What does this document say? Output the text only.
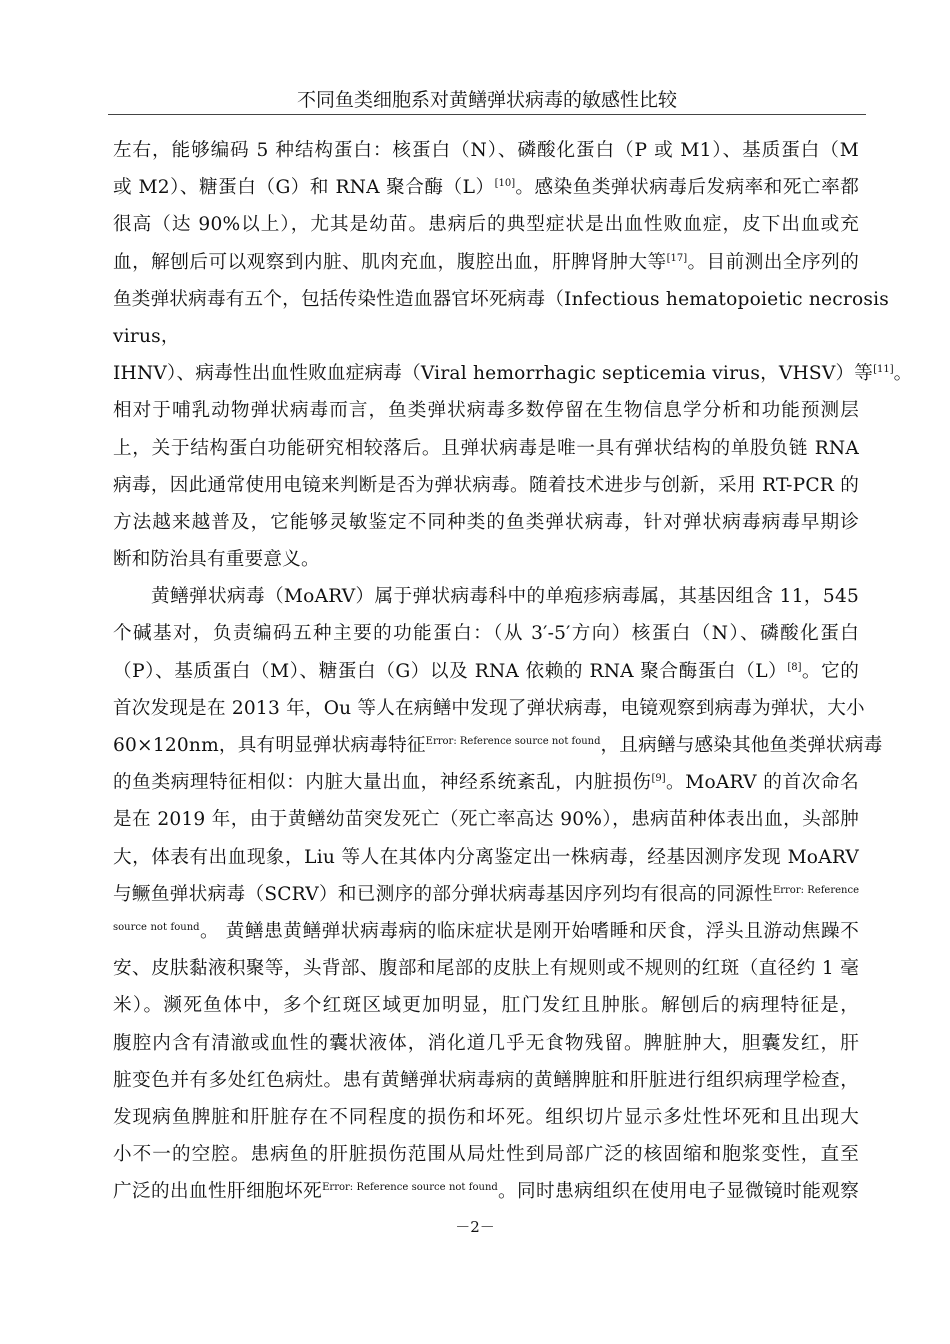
不同鱼类细胞系对黄鳝弹状病毒的敏感性比较
左右，能够编码 5 种结构蛋白：核蛋白（N）、磷酸化蛋白（P 或 M1）、基质蛋白（M
或 M2）、糖蛋白（G）和 RNA 聚合酶（L）[10]。感染鱼类弹状病毒后发病率和死亡率都
很高（达 90%以上），尤其是幼苗。患病后的典型症状是出血性败血症，皮下出血或充
血，解刨后可以观察到内脏、肌肉充血，腹腔出血，肝脾肾肿大等[17]。目前测出全序列的
鱼类弹状病毒有五个，包括传染性造血器官坏死病毒（Infectious hematopoietic necrosis
virus，
IHNV）、病毒性出血性败血症病毒（Viral hemorrhagic septicemia virus，VHSV）等[11]。
相对于哺乳动物弹状病毒而言，鱼类弹状病毒多数停留在生物信息学分析和功能预测层
上，关于结构蛋白功能研究相较落后。且弹状病毒是唯一具有弹状结构的单股负链 RNA
病毒，因此通常使用电镜来判断是否为弹状病毒。随着技术进步与创新，采用 RT-PCR 的
方法越来越普及，它能够灵敏鉴定不同种类的鱼类弹状病毒，针对弹状病毒病毒早期诊
断和防治具有重要意义。
黄鳝弹状病毒（MoARV）属于弹状病毒科中的单疱疹病毒属，其基因组含 11，545
个碱基对，负责编码五种主要的功能蛋白：（从 3′-5′方向）核蛋白（N）、磷酸化蛋白
（P）、基质蛋白（M）、糖蛋白（G）以及 RNA 依赖的 RNA 聚合酶蛋白（L）[8]。它的
首次发现是在 2013 年，Ou 等人在病鳝中发现了弹状病毒，电镜观察到病毒为弹状，大小
60×120nm，具有明显弹状病毒特征$^{Error: Reference source not found}$，且病鳝与感染其他鱼类弹状病毒
的鱼类病理特征相似：内脏大量出血，神经系统紊乱，内脏损伤[9]。MoARV 的首次命名
是在 2019 年，由于黄鳝幼苗突发死亡（死亡率高达 90%），患病苗种体表出血，头部肿
大，体表有出血现象，Liu 等人在其体内分离鉴定出一株病毒，经基因测序发现 MoARV
与鳜鱼弹状病毒（SCRV）和已测序的部分弹状病毒基因序列均有很高的同源性$^{Error: Reference}$
$^{source not found}$。 黄鳝患黄鳝弹状病毒病的临床症状是刚开始嗜睡和厌食，浮头且游动焦躁不
安、皮肤黏液积聚等，头背部、腹部和尾部的皮肤上有规则或不规则的红斑（直径约 1 毫
米）。濒死鱼体中，多个红斑区域更加明显，肛门发红且肿胀。解刨后的病理特征是，
腹腔内含有清澈或血性的囊状液体，消化道几乎无食物残留。脾脏肿大，胆囊发红，肝
脏变色并有多处红色病灶。患有黄鳝弹状病毒病的黄鳝脾脏和肝脏进行组织病理学检查，
发现病鱼脾脏和肝脏存在不同程度的损伤和坏死。组织切片显示多灶性坏死和且出现大
小不一的空腔。患病鱼的肝脏损伤范围从局灶性到局部广泛的核固缩和胞浆变性，直至
广泛的出血性肝细胞坏死$^{Error: Reference source not found}$。同时患病组织在使用电子显微镜时能观察
－2－
